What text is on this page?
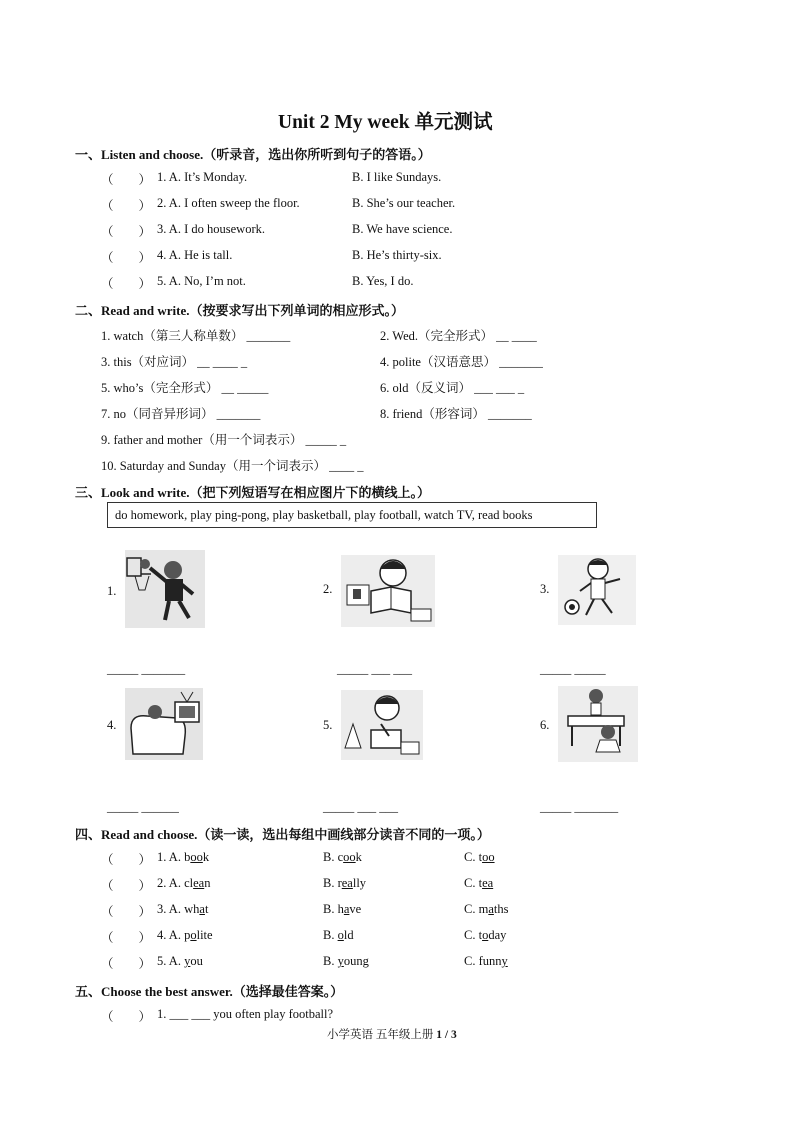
Unit 2 My week 单元测试
一、Listen and choose.（听录音，选出你所听到句子的答语。）
（　　） 1. A. It’s Monday.	B. I like Sundays.
（　　） 2. A. I often sweep the floor.	B. She’s our teacher.
（　　） 3. A. I do housework.	B. We have science.
（　　） 4. A. He is tall.	B. He’s thirty-six.
（　　） 5. A. No, I’m not.	B. Yes, I do.
二、Read and write.（按要求写出下列单词的相应形式。）
1. watch（第三人称单数） _______	2. Wed.（完全形式） __ ____
3. this（对应词） __ ____ _	4. polite（汉语意思） _______
5. who’s（完全形式） __ _____	6. old（反义词） ___ ___ _
7. no（同音异形词） _______	8. friend（形容词） _______
9. father and mother（用一个词表示） _____ _
10. Saturday and Sunday（用一个词表示） ____ _
三、Look and write.（把下列短语写在相应图片下的横线上。）
do homework, play ping-pong, play basketball, play football, watch TV, read books
1.
_____ _______
2.
_____ ___ ___
3.
_____ _____
4.
_____ ______
5.
_____ ___ ___
6.
_____ _______
四、Read and choose.（读一读，选出每组中画线部分读音不同的一项。）
（　　） 1. A. book	B. cook	C. too
（　　） 2. A. clean	B. really	C. tea
（　　） 3. A. what	B. have	C. maths
（　　） 4. A. polite	B. old	C. today
（　　） 5. A. you	B. young	C. funny
五、Choose the best answer.（选择最佳答案。）
（　　） 1. ___ ___ you often play football?
小学英语 五年级上册 1 / 3
